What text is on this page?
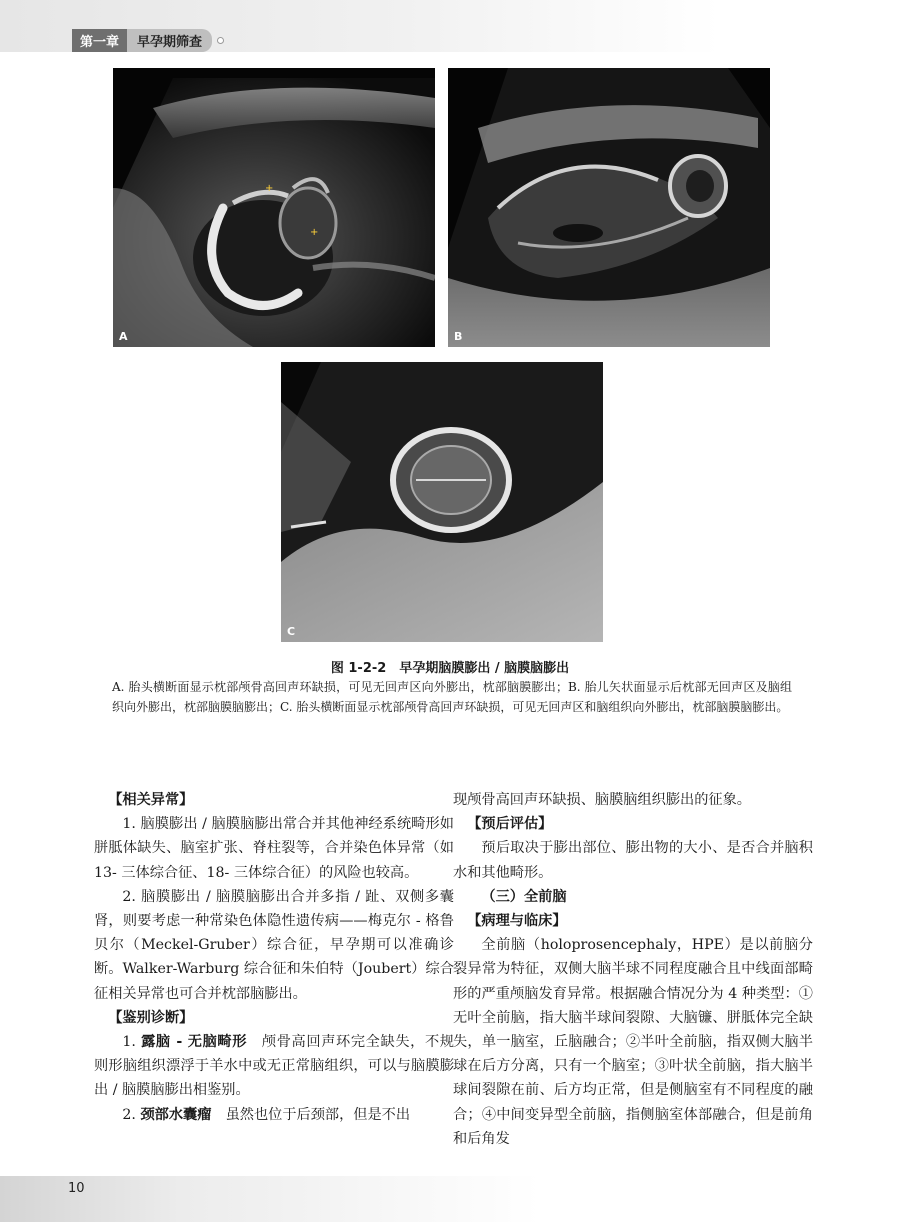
第一章	早孕期筛查
+
+
A	B
C
图 1-2-2　早孕期脑膜膨出 / 脑膜脑膨出
A. 胎头横断面显示枕部颅骨高回声环缺损，可见无回声区向外膨出，枕部脑膜膨出；B. 胎儿矢状面显示后枕部无回声区及脑组织向外膨出，枕部脑膜脑膨出；C. 胎头横断面显示枕部颅骨高回声环缺损，可见无回声区和脑组织向外膨出，枕部脑膜脑膨出。

【相关异常】

1. 脑膜膨出 / 脑膜脑膨出常合并其他神经系统畸形如胼胝体缺失、脑室扩张、脊柱裂等，合并染色体异常（如 13- 三体综合征、18- 三体综合征）的风险也较高。

2. 脑膜膨出 / 脑膜脑膨出合并多指 / 趾、双侧多囊肾，则要考虑一种常染色体隐性遗传病——梅克尔 - 格鲁贝尔（Meckel-Gruber）综合征，早孕期可以准确诊断。Walker-Warburg 综合征和朱伯特（Joubert）综合征相关异常也可合并枕部脑膨出。

【鉴别诊断】

1. 露脑 - 无脑畸形　颅骨高回声环完全缺失，不规则形脑组织漂浮于羊水中或无正常脑组织，可以与脑膜膨出 / 脑膜脑膨出相鉴别。

2. 颈部水囊瘤　虽然也位于后颈部，但是不出

现颅骨高回声环缺损、脑膜脑组织膨出的征象。

【预后评估】

预后取决于膨出部位、膨出物的大小、是否合并脑积水和其他畸形。

（三）全前脑

【病理与临床】

全前脑（holoprosencephaly，HPE）是以前脑分裂异常为特征，双侧大脑半球不同程度融合且中线面部畸形的严重颅脑发育异常。根据融合情况分为 4 种类型：①无叶全前脑，指大脑半球间裂隙、大脑镰、胼胝体完全缺失，单一脑室，丘脑融合；②半叶全前脑，指双侧大脑半球在后方分离，只有一个脑室；③叶状全前脑，指大脑半球间裂隙在前、后方均正常，但是侧脑室有不同程度的融合；④中间变异型全前脑，指侧脑室体部融合，但是前角和后角发

10
